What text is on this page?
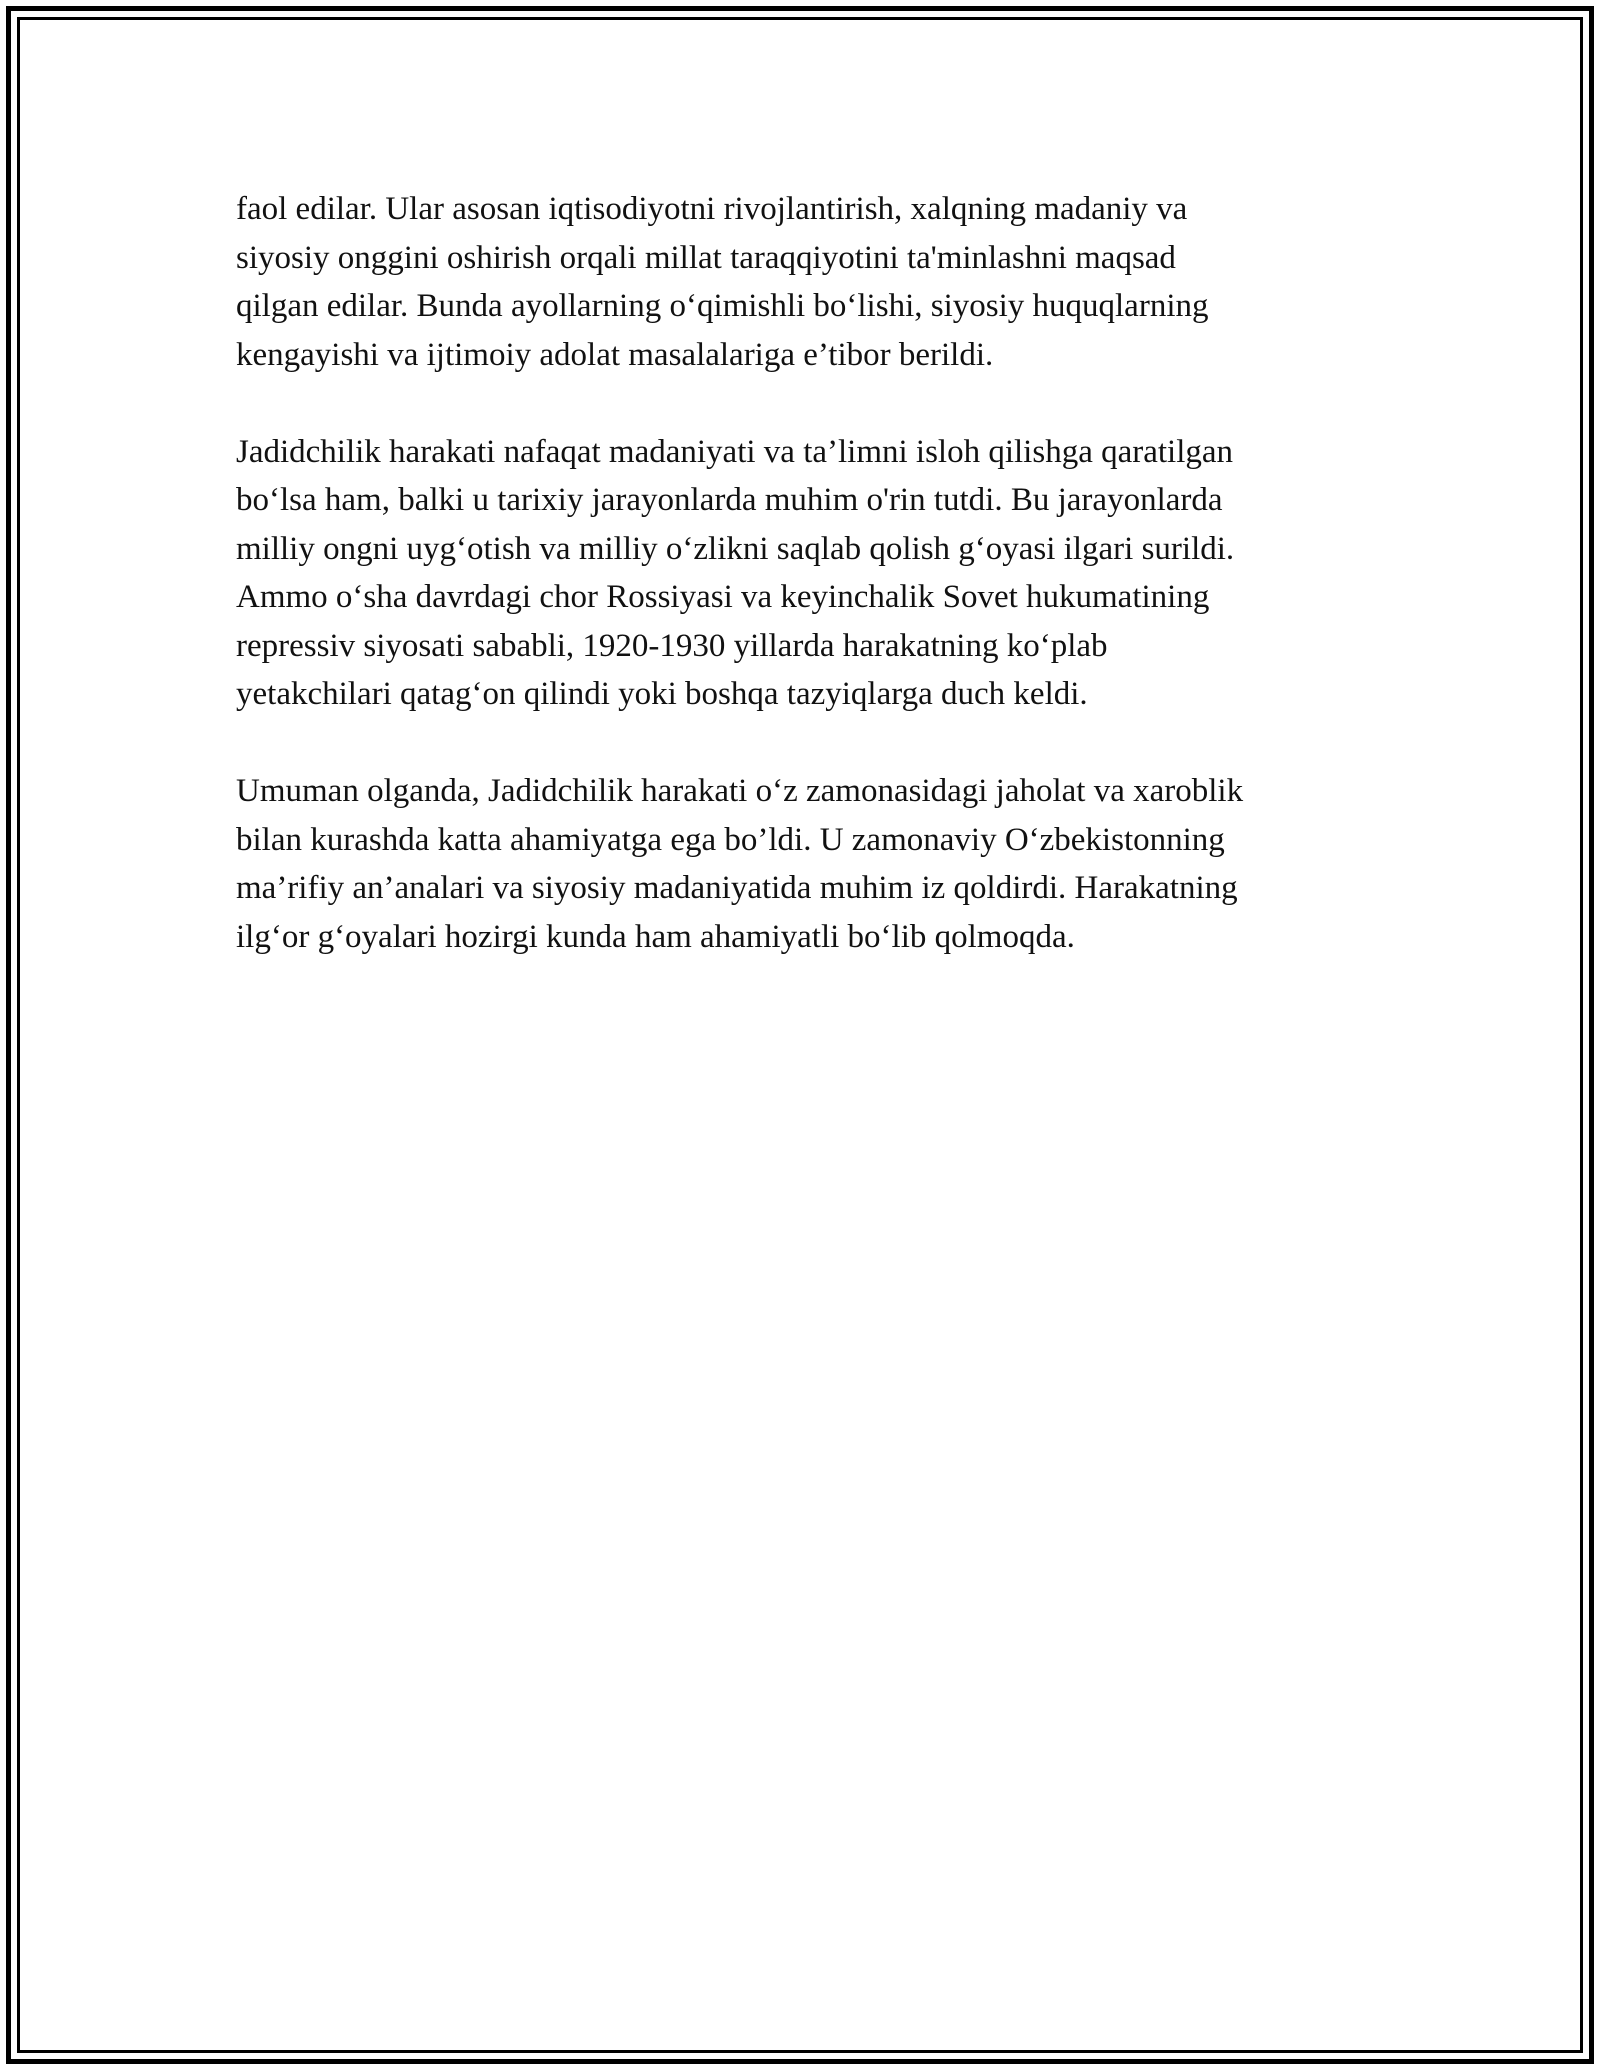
faol edilar. Ular asosan iqtisodiyotni rivojlantirish, xalqning madaniy va
siyosiy onggini oshirish orqali millat taraqqiyotini ta'minlashni maqsad
qilgan edilar. Bunda ayollarning o‘qimishli bo‘lishi, siyosiy huquqlarning
kengayishi va ijtimoiy adolat masalalariga e’tibor berildi.

Jadidchilik harakati nafaqat madaniyati va ta’limni isloh qilishga qaratilgan
bo‘lsa ham, balki u tarixiy jarayonlarda muhim o'rin tutdi. Bu jarayonlarda
milliy ongni uyg‘otish va milliy o‘zlikni saqlab qolish g‘oyasi ilgari surildi.
Ammo o‘sha davrdagi chor Rossiyasi va keyinchalik Sovet hukumatining
repressiv siyosati sababli, 1920-1930 yillarda harakatning ko‘plab
yetakchilari qatag‘on qilindi yoki boshqa tazyiqlarga duch keldi.

Umuman olganda, Jadidchilik harakati o‘z zamonasidagi jaholat va xaroblik
bilan kurashda katta ahamiyatga ega bo’ldi. U zamonaviy O‘zbekistonning
ma’rifiy an’analari va siyosiy madaniyatida muhim iz qoldirdi. Harakatning
ilg‘or g‘oyalari hozirgi kunda ham ahamiyatli bo‘lib qolmoqda.
